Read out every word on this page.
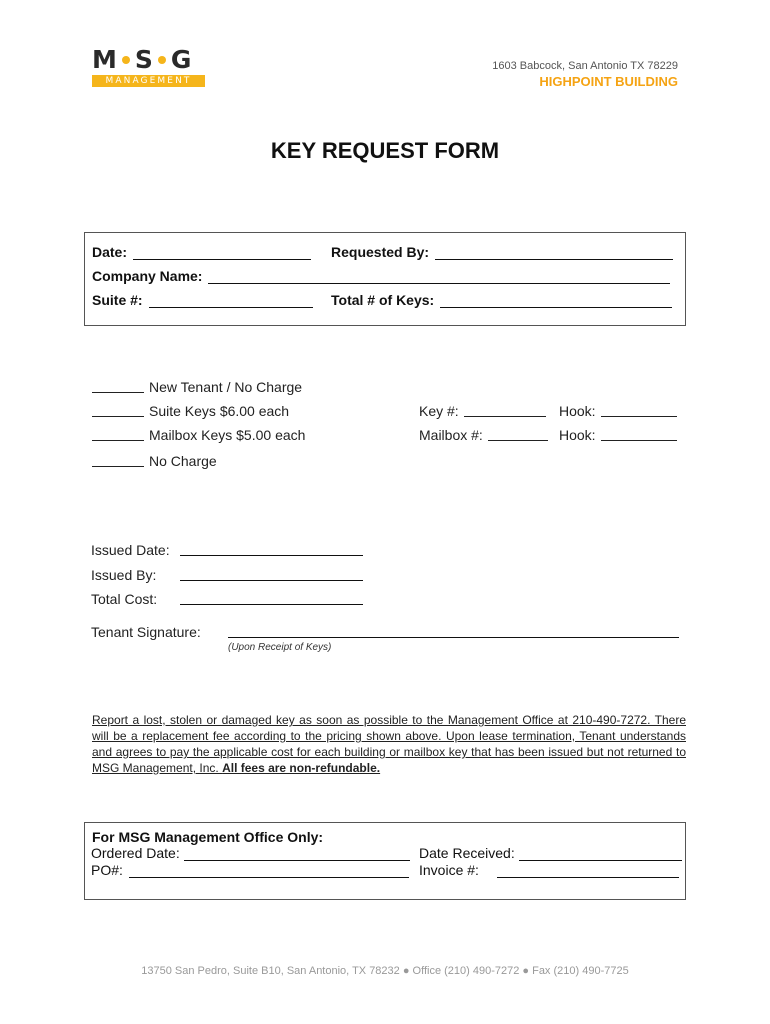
M S G
MANAGEMENT
1603 Babcock, San Antonio TX 78229
HIGHPOINT BUILDING
KEY REQUEST FORM
Date:	Requested By:
Company Name:
Suite #:	Total # of Keys:
New Tenant / No Charge
Suite Keys $6.00 each
Mailbox Keys $5.00 each
No Charge
Key #:	Hook:
Mailbox #:	Hook:
Issued Date:
Issued By:
Total Cost:
Tenant Signature:
(Upon Receipt of Keys)
Report a lost, stolen or damaged key as soon as possible to the Management Office at 210-490-7272. There will be a replacement fee according to the pricing shown above. Upon lease termination, Tenant understands and agrees to pay the applicable cost for each building or mailbox key that has been issued but not returned to MSG Management, Inc. All fees are non-refundable.
For MSG Management Office Only:
Ordered Date:	Date Received:
PO#:	Invoice #:
13750 San Pedro, Suite B10, San Antonio, TX 78232 ● Office (210) 490-7272 ● Fax (210) 490-7725
